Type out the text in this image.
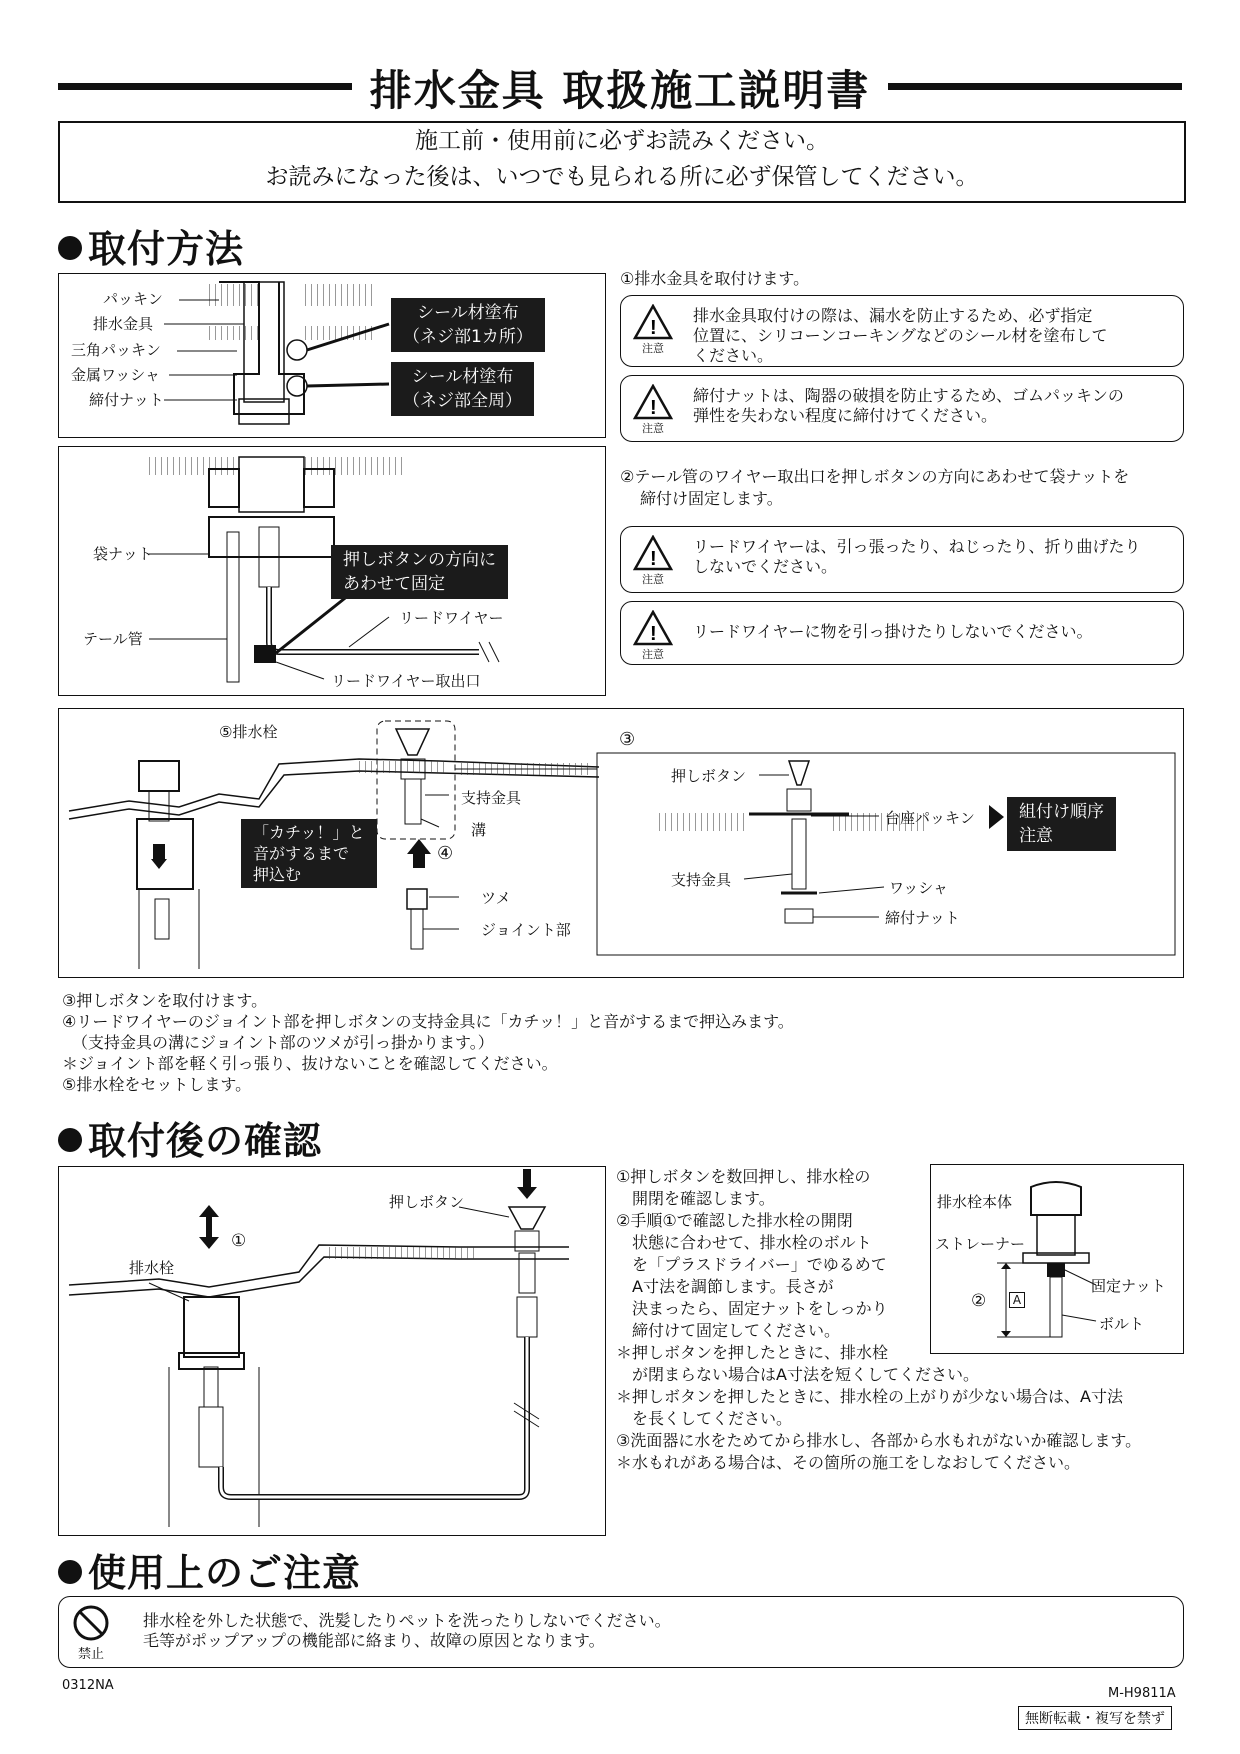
排水金具 取扱施工説明書
施工前・使用前に必ずお読みください。
お読みになった後は、いつでも見られる所に必ず保管してください。
取付方法
パッキン
排水金具
三角パッキン
金属ワッシャ
締付ナット
シール材塗布
（ネジ部1カ所）
シール材塗布
（ネジ部全周）
袋ナット
テール管
押しボタンの方向に
あわせて固定
リードワイヤー
リードワイヤー取出口
①排水金具を取付けます。
!
注意
排水金具取付けの際は、漏水を防止するため、必ず指定
位置に、シリコーンコーキングなどのシール材を塗布して
ください。
!
注意
締付ナットは、陶器の破損を防止するため、ゴムパッキンの
弾性を失わない程度に締付けてください。
②テール管のワイヤー取出口を押しボタンの方向にあわせて袋ナットを
締付け固定します。
!
注意
リードワイヤーは、引っ張ったり、ねじったり、折り曲げたり
しないでください。
!
注意
リードワイヤーに物を引っ掛けたりしないでください。
⑤排水栓
支持金具
溝
「カチッ！」と
音がするまで
押込む
④
ツメ
ジョイント部
③
押しボタン
台座パッキン	組付け順序
注意
支持金具	ワッシャ
締付ナット
③押しボタンを取付けます。
④リードワイヤーのジョイント部を押しボタンの支持金具に「カチッ！」と音がするまで押込みます。
（支持金具の溝にジョイント部のツメが引っ掛かります。）
＊ジョイント部を軽く引っ張り、抜けないことを確認してください。
⑤排水栓をセットします。
取付後の確認
押しボタン
排水栓
①
排水栓本体
ストレーナー
固定ナット
ボルト
②	A
①押しボタンを数回押し、排水栓の
　開閉を確認します。
②手順①で確認した排水栓の開閉
　状態に合わせて、排水栓のボルト
　を「プラスドライバー」でゆるめて
　A寸法を調節します。長さが
　決まったら、固定ナットをしっかり
　締付けて固定してください。
＊押しボタンを押したときに、排水栓
　が閉まらない場合はA寸法を短くしてください。
＊押しボタンを押したときに、排水栓の上がりが少ない場合は、A寸法
　を長くしてください。
③洗面器に水をためてから排水し、各部から水もれがないか確認します。
＊水もれがある場合は、その箇所の施工をしなおしてください。
使用上のご注意
禁止
排水栓を外した状態で、洗髪したりペットを洗ったりしないでください。
毛等がポップアップの機能部に絡まり、故障の原因となります。
0312NA
M-H9811A
無断転載・複写を禁ず
